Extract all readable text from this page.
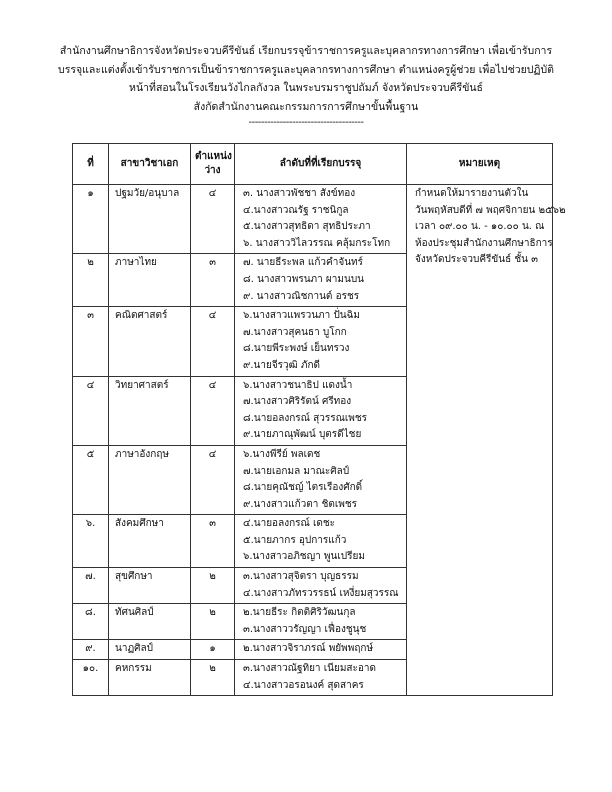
สำนักงานศึกษาธิการจังหวัดประจวบคีรีขันธ์ เรียกบรรจุข้าราชการครูและบุคลากรทางการศึกษา เพื่อเข้ารับการ
บรรจุและแต่งตั้งเข้ารับราชการเป็นข้าราชการครูและบุคลากรทางการศึกษา ตำแหน่งครูผู้ช่วย เพื่อไปช่วยปฏิบัติ
หน้าที่สอนในโรงเรียนวังไกลกังวล ในพระบรมราชูปถัมภ์ จังหวัดประจวบคีรีขันธ์
สังกัดสำนักงานคณะกรรมการการศึกษาขั้นพื้นฐาน
-------------------------------------
ที่	สาขาวิชาเอก	ตำแหน่งว่าง	ลำดับที่ที่เรียกบรรจุ	หมายเหตุ
๑	ปฐมวัย/อนุบาล	๔	๓. นางสาวพัชชา สังข์ทอง
๔.นางสาวณรัฐ ราชนิกูล
๕.นางสาวสุทธิดา สุทธิประภา
๖. นางสาววิไลวรรณ คลุ้มกระโทก	กำหนดให้มารายงานตัวใน
วันพฤหัสบดีที่ ๗ พฤศจิกายน ๒๕๖๒
เวลา ๐๙.๐๐ น. - ๑๐.๐๐ น. ณ
ห้องประชุมสำนักงานศึกษาธิการ
จังหวัดประจวบคีรีขันธ์ ชั้น ๓

๒	ภาษาไทย	๓	๗. นายธีระพล แก้วคำจันทร์
๘. นางสาวพรนภา ผามนบน
๙. นางสาวณิชกานต์ อรชร	

๓	คณิตศาสตร์	๔	๖.นางสาวแพรวนภา ปั่นฉิม
๗.นางสาวสุคนธา บูโกก
๘.นายพีระพงษ์ เย็นทรวง
๙.นายจีรวุฒิ ภักดี	

๔	วิทยาศาสตร์	๔	๖.นางสาวชนาธิป แดงน้ำ
๗.นางสาวศิริรัตน์ ศรีทอง
๘.นายอลงกรณ์ สุวรรณเพชร
๙.นายภาณุพัฒน์ บุตรดีไชย	

๕	ภาษาอังกฤษ	๔	๖.นางพีรีย์ พลเดช
๗.นายเอกมล มาณะศิลป์
๘.นายคุณัชญ์ ไตรเรืองศักดิ์
๙.นางสาวแก้วตา ชิตเพชร	

๖.	สังคมศึกษา	๓	๔.นายอลงกรณ์ เดชะ
๕.นายภากร อุปการแก้ว
๖.นางสาวอภิชญา พูนเปรียม	

๗.	สุขศึกษา	๒	๓.นางสาวสุจิตรา บุญธรรม
๔.นางสาวภัทรวรรธน์ เหงี่ยมสุวรรณ	

๘.	ทัศนศิลป์	๒	๒.นายธีระ กิตติศิริวัฒนกุล
๓.นางสาววรัญญา เฟื่องชูนุช	

๙.	นาฏศิลป์	๑	๒.นางสาวจิราภรณ์ พยัพพฤกษ์	

๑๐.	คหกรรม	๒	๓.นางสาวณัฐทิยา เนียมสะอาด
๔.นางสาวอรอนงค์ สุดสาคร	
